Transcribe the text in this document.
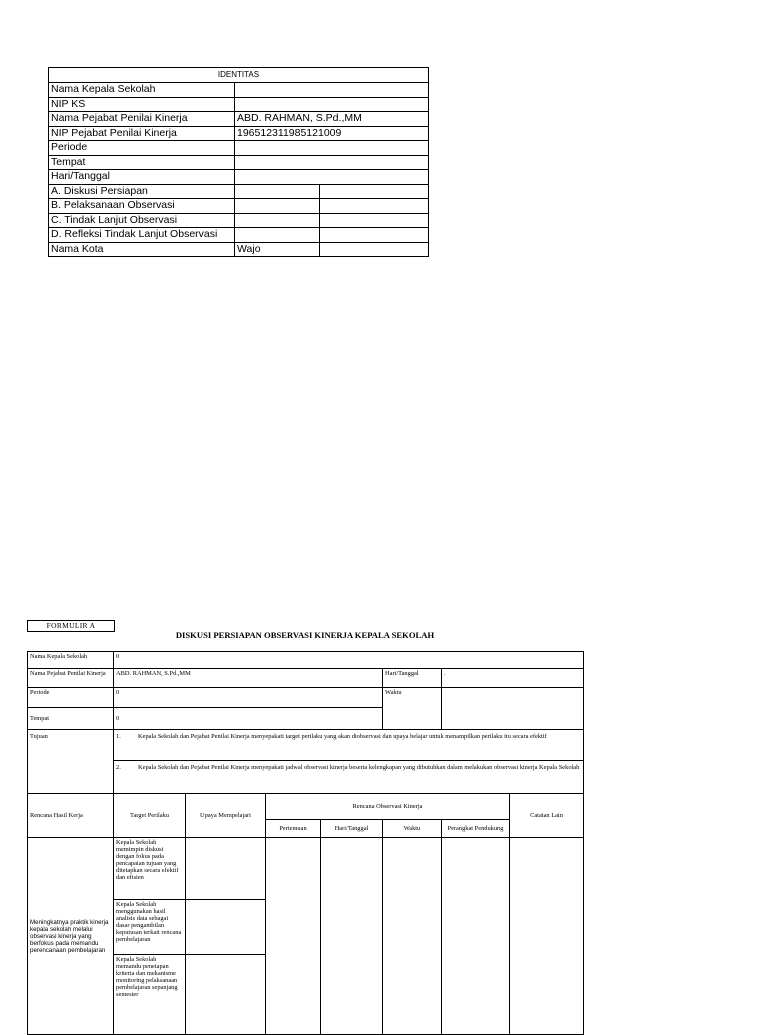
IDENTITAS		
Nama Kepala Sekolah		
NIP KS		
Nama Pejabat Penilai Kinerja	ABD. RAHMAN, S.Pd.,MM	
NIP Pejabat Penilai Kinerja	196512311985121009	
Periode		
Tempat		
Hari/Tanggal		
A. Diskusi Persiapan		
B. Pelaksanaan Observasi		
C. Tindak Lanjut Observasi		
D. Refleksi Tindak Lanjut Observasi		
Nama Kota	Wajo	
FORMULIR A
DISKUSI PERSIAPAN OBSERVASI KINERJA KEPALA SEKOLAH
Nama Kepala Sekolah	0						
Nama Pejabat Penilai Kinerja	ABD. RAHMAN, S.Pd.,MM				Hari/Tanggal	.	
Periode	0				Waktu		
Tempat	0						
Tujuan	1. Kepala Sekolah dan Pejabat Penilai Kinerja menyepakati target perilaku yang akan diobservasi dan upaya belajar untuk menampilkan perilaku itu secara efektif						
	2. Kepala Sekolah dan Pejabat Penilai Kinerja menyepakati jadwal observasi kinerja beserta kelengkapan yang dibutuhkan dalam melakukan observasi kinerja Kepala Sekolah						
Rencana Hasil Kerja	Target Perilaku	Upaya Mempelajari	Rencana Observasi Kinerja				Catatan Lain
			Pertemuan	Hari/Tanggal	Waktu	Perangkat Pendukung	
Meningkatnya praktik kinerja kepala sekolah melalui observasi kinerja yang berfokus pada memandu perencanaan pembelajaran	Kepala Sekolah memimpin diskusi dengan fokus pada pencapaian tujuan yang ditetapkan secara efektif dan efisien						
	Kepala Sekolah menggunakan hasil analisis data sebagai dasar pengambilan keputusan terkait rencana pembelajaran						
	Kepala Sekolah memandu penetapan kriteria dan mekanisme monitoring pelaksanaan pembelajaran sepanjang semester						
